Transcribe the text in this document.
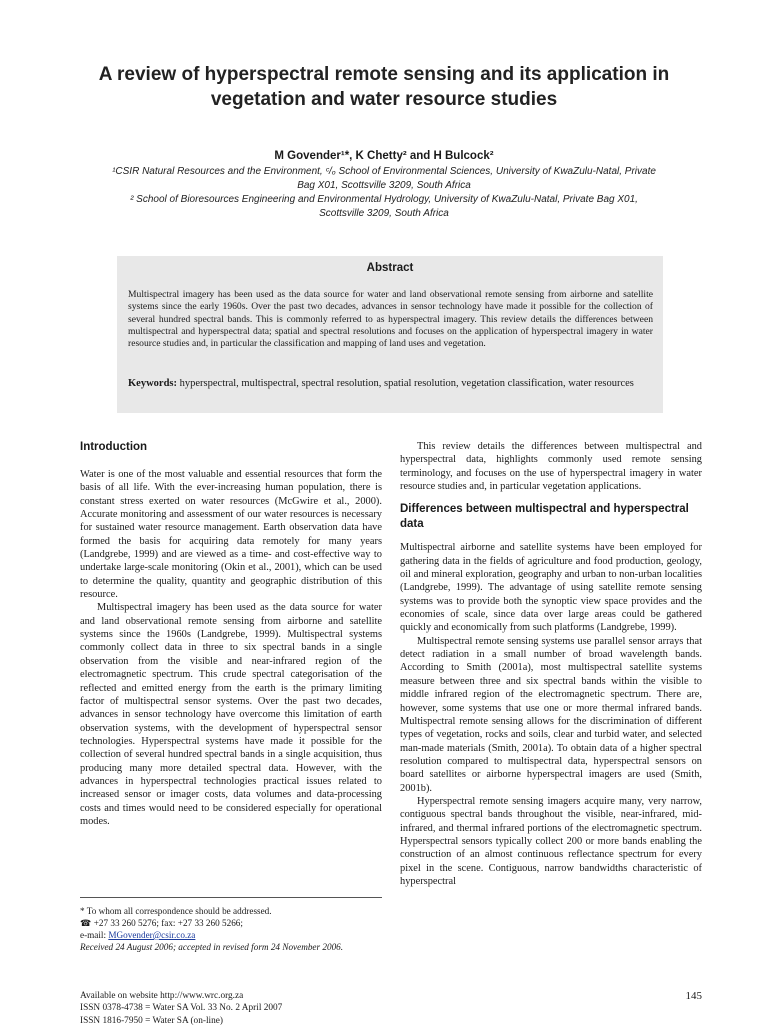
A review of hyperspectral remote sensing and its application in vegetation and water resource studies
M Govender¹*, K Chetty² and H Bulcock²
¹CSIR Natural Resources and the Environment, ᶜ/ₒ School of Environmental Sciences, University of KwaZulu-Natal, Private Bag X01, Scottsville 3209, South Africa
² School of Bioresources Engineering and Environmental Hydrology, University of KwaZulu-Natal, Private Bag X01, Scottsville 3209, South Africa
Abstract
Multispectral imagery has been used as the data source for water and land observational remote sensing from airborne and satellite systems since the early 1960s. Over the past two decades, advances in sensor technology have made it possible for the collection of several hundred spectral bands. This is commonly referred to as hyperspectral imagery. This review details the differences between multispectral and hyperspectral data; spatial and spectral resolutions and focuses on the application of hyperspectral imagery in water resource studies and, in particular the classification and mapping of land uses and vegetation.
Keywords: hyperspectral, multispectral, spectral resolution, spatial resolution, vegetation classification, water resources
Introduction

Water is one of the most valuable and essential resources that form the basis of all life. With the ever-increasing human population, there is constant stress exerted on water resources (McGwire et al., 2000). Accurate monitoring and assessment of our water resources is necessary for sustained water resource management. Earth observation data have formed the basis for acquiring data remotely for many years (Landgrebe, 1999) and are viewed as a time- and cost-effective way to undertake large-scale monitoring (Okin et al., 2001), which can be used to determine the quality, quantity and geographic distribution of this resource.

Multispectral imagery has been used as the data source for water and land observational remote sensing from airborne and satellite systems since the 1960s (Landgrebe, 1999). Multispectral systems commonly collect data in three to six spectral bands in a single observation from the visible and near-infrared region of the electromagnetic spectrum. This crude spectral categorisation of the reflected and emitted energy from the earth is the primary limiting factor of multispectral sensor systems. Over the past two decades, advances in sensor technology have overcome this limitation of earth observation systems, with the development of hyperspectral sensor technologies. Hyperspectral systems have made it possible for the collection of several hundred spectral bands in a single acquisition, thus producing many more detailed spectral data. However, with the advances in hyperspectral technologies practical issues related to increased sensor or imager costs, data volumes and data-processing costs and times would need to be considered especially for operational modes.

This review details the differences between multispectral and hyperspectral data, highlights commonly used remote sensing terminology, and focuses on the use of hyperspectral imagery in water resource studies and, in particular vegetation applications.

Differences between multispectral and hyperspectral data

Multispectral airborne and satellite systems have been employed for gathering data in the fields of agriculture and food production, geology, oil and mineral exploration, geography and urban to non-urban localities (Landgrebe, 1999). The advantage of using satellite remote sensing systems was to provide both the synoptic view space provides and the economies of scale, since data over large areas could be gathered quickly and economically from such platforms (Landgrebe, 1999).

Multispectral remote sensing systems use parallel sensor arrays that detect radiation in a small number of broad wavelength bands. According to Smith (2001a), most multispectral satellite systems measure between three and six spectral bands within the visible to middle infrared region of the electromagnetic spectrum. There are, however, some systems that use one or more thermal infrared bands. Multispectral remote sensing allows for the discrimination of different types of vegetation, rocks and soils, clear and turbid water, and selected man-made materials (Smith, 2001a). To obtain data of a higher spectral resolution compared to multispectral data, hyperspectral sensors on board satellites or airborne hyperspectral imagers are used (Smith, 2001b).

Hyperspectral remote sensing imagers acquire many, very narrow, contiguous spectral bands throughout the visible, near-infrared, mid-infrared, and thermal infrared portions of the electromagnetic spectrum. Hyperspectral sensors typically collect 200 or more bands enabling the construction of an almost continuous reflectance spectrum for every pixel in the scene. Contiguous, narrow bandwidths characteristic of hyperspectral

* To whom all correspondence should be addressed.
☎ +27 33 260 5276; fax: +27 33 260 5266;
e-mail: MGovender@csir.co.za
Received 24 August 2006; accepted in revised form 24 November 2006.
Available on website http://www.wrc.org.za
ISSN 0378-4738 = Water SA Vol. 33 No. 2 April 2007
ISSN 1816-7950 = Water SA (on-line)
145
